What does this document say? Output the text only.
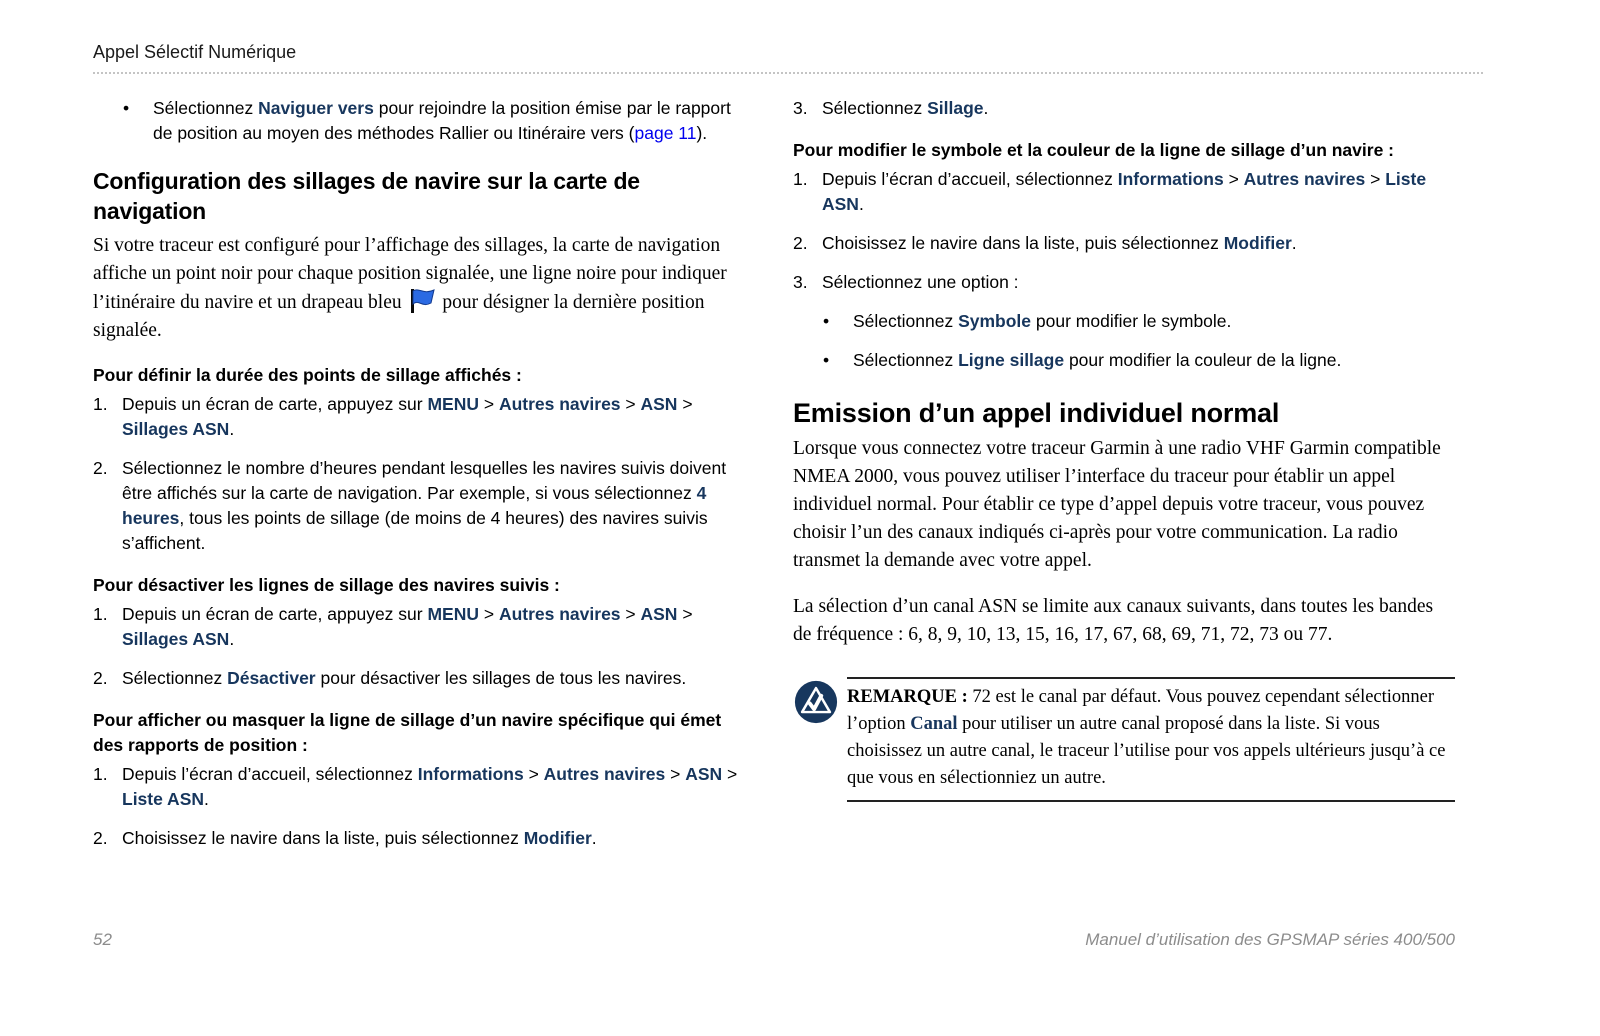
Appel Sélectif Numérique
•	Sélectionnez Naviguer vers pour rejoindre la position émise par le rapport de position au moyen des méthodes Rallier ou Itinéraire vers (page 11).
Configuration des sillages de navire sur la carte de navigation

Si votre traceur est configuré pour l’affichage des sillages, la carte de navigation affiche un point noir pour chaque position signalée, une ligne noire pour indiquer l’itinéraire du navire et un drapeau bleu pour désigner la dernière position signalée.

Pour définir la durée des points de sillage affichés :
1. Depuis un écran de carte, appuyez sur MENU > Autres navires > ASN > Sillages ASN.
2. Sélectionnez le nombre d’heures pendant lesquelles les navires suivis doivent être affichés sur la carte de navigation. Par exemple, si vous sélectionnez 4 heures, tous les points de sillage (de moins de 4 heures) des navires suivis s’affichent.
Pour désactiver les lignes de sillage des navires suivis :
1. Depuis un écran de carte, appuyez sur MENU > Autres navires > ASN > Sillages ASN.
2. Sélectionnez Désactiver pour désactiver les sillages de tous les navires.
Pour afficher ou masquer la ligne de sillage d’un navire spécifique qui émet des rapports de position :
1. Depuis l’écran d’accueil, sélectionnez Informations > Autres navires > ASN > Liste ASN.
2. Choisissez le navire dans la liste, puis sélectionnez Modifier.
3. Sélectionnez Sillage.
Pour modifier le symbole et la couleur de la ligne de sillage d’un navire :
1. Depuis l’écran d’accueil, sélectionnez Informations > Autres navires > Liste ASN.
2. Choisissez le navire dans la liste, puis sélectionnez Modifier.
3. Sélectionnez une option :
•	Sélectionnez Symbole pour modifier le symbole.
•	Sélectionnez Ligne sillage pour modifier la couleur de la ligne.
Emission d’un appel individuel normal

Lorsque vous connectez votre traceur Garmin à une radio VHF Garmin compatible NMEA 2000, vous pouvez utiliser l’interface du traceur pour établir un appel individuel normal. Pour établir ce type d’appel depuis votre traceur, vous pouvez choisir l’un des canaux indiqués ci-après pour votre communication. La radio transmet la demande avec votre appel.

La sélection d’un canal ASN se limite aux canaux suivants, dans toutes les bandes de fréquence : 6, 8, 9, 10, 13, 15, 16, 17, 67, 68, 69, 71, 72, 73 ou 77.

REMARQUE : 72 est le canal par défaut. Vous pouvez cependant sélectionner l’option Canal pour utiliser un autre canal proposé dans la liste. Si vous choisissez un autre canal, le traceur l’utilise pour vos appels ultérieurs jusqu’à ce que vous en sélectionniez un autre.
52	Manuel d’utilisation des GPSMAP séries 400/500
